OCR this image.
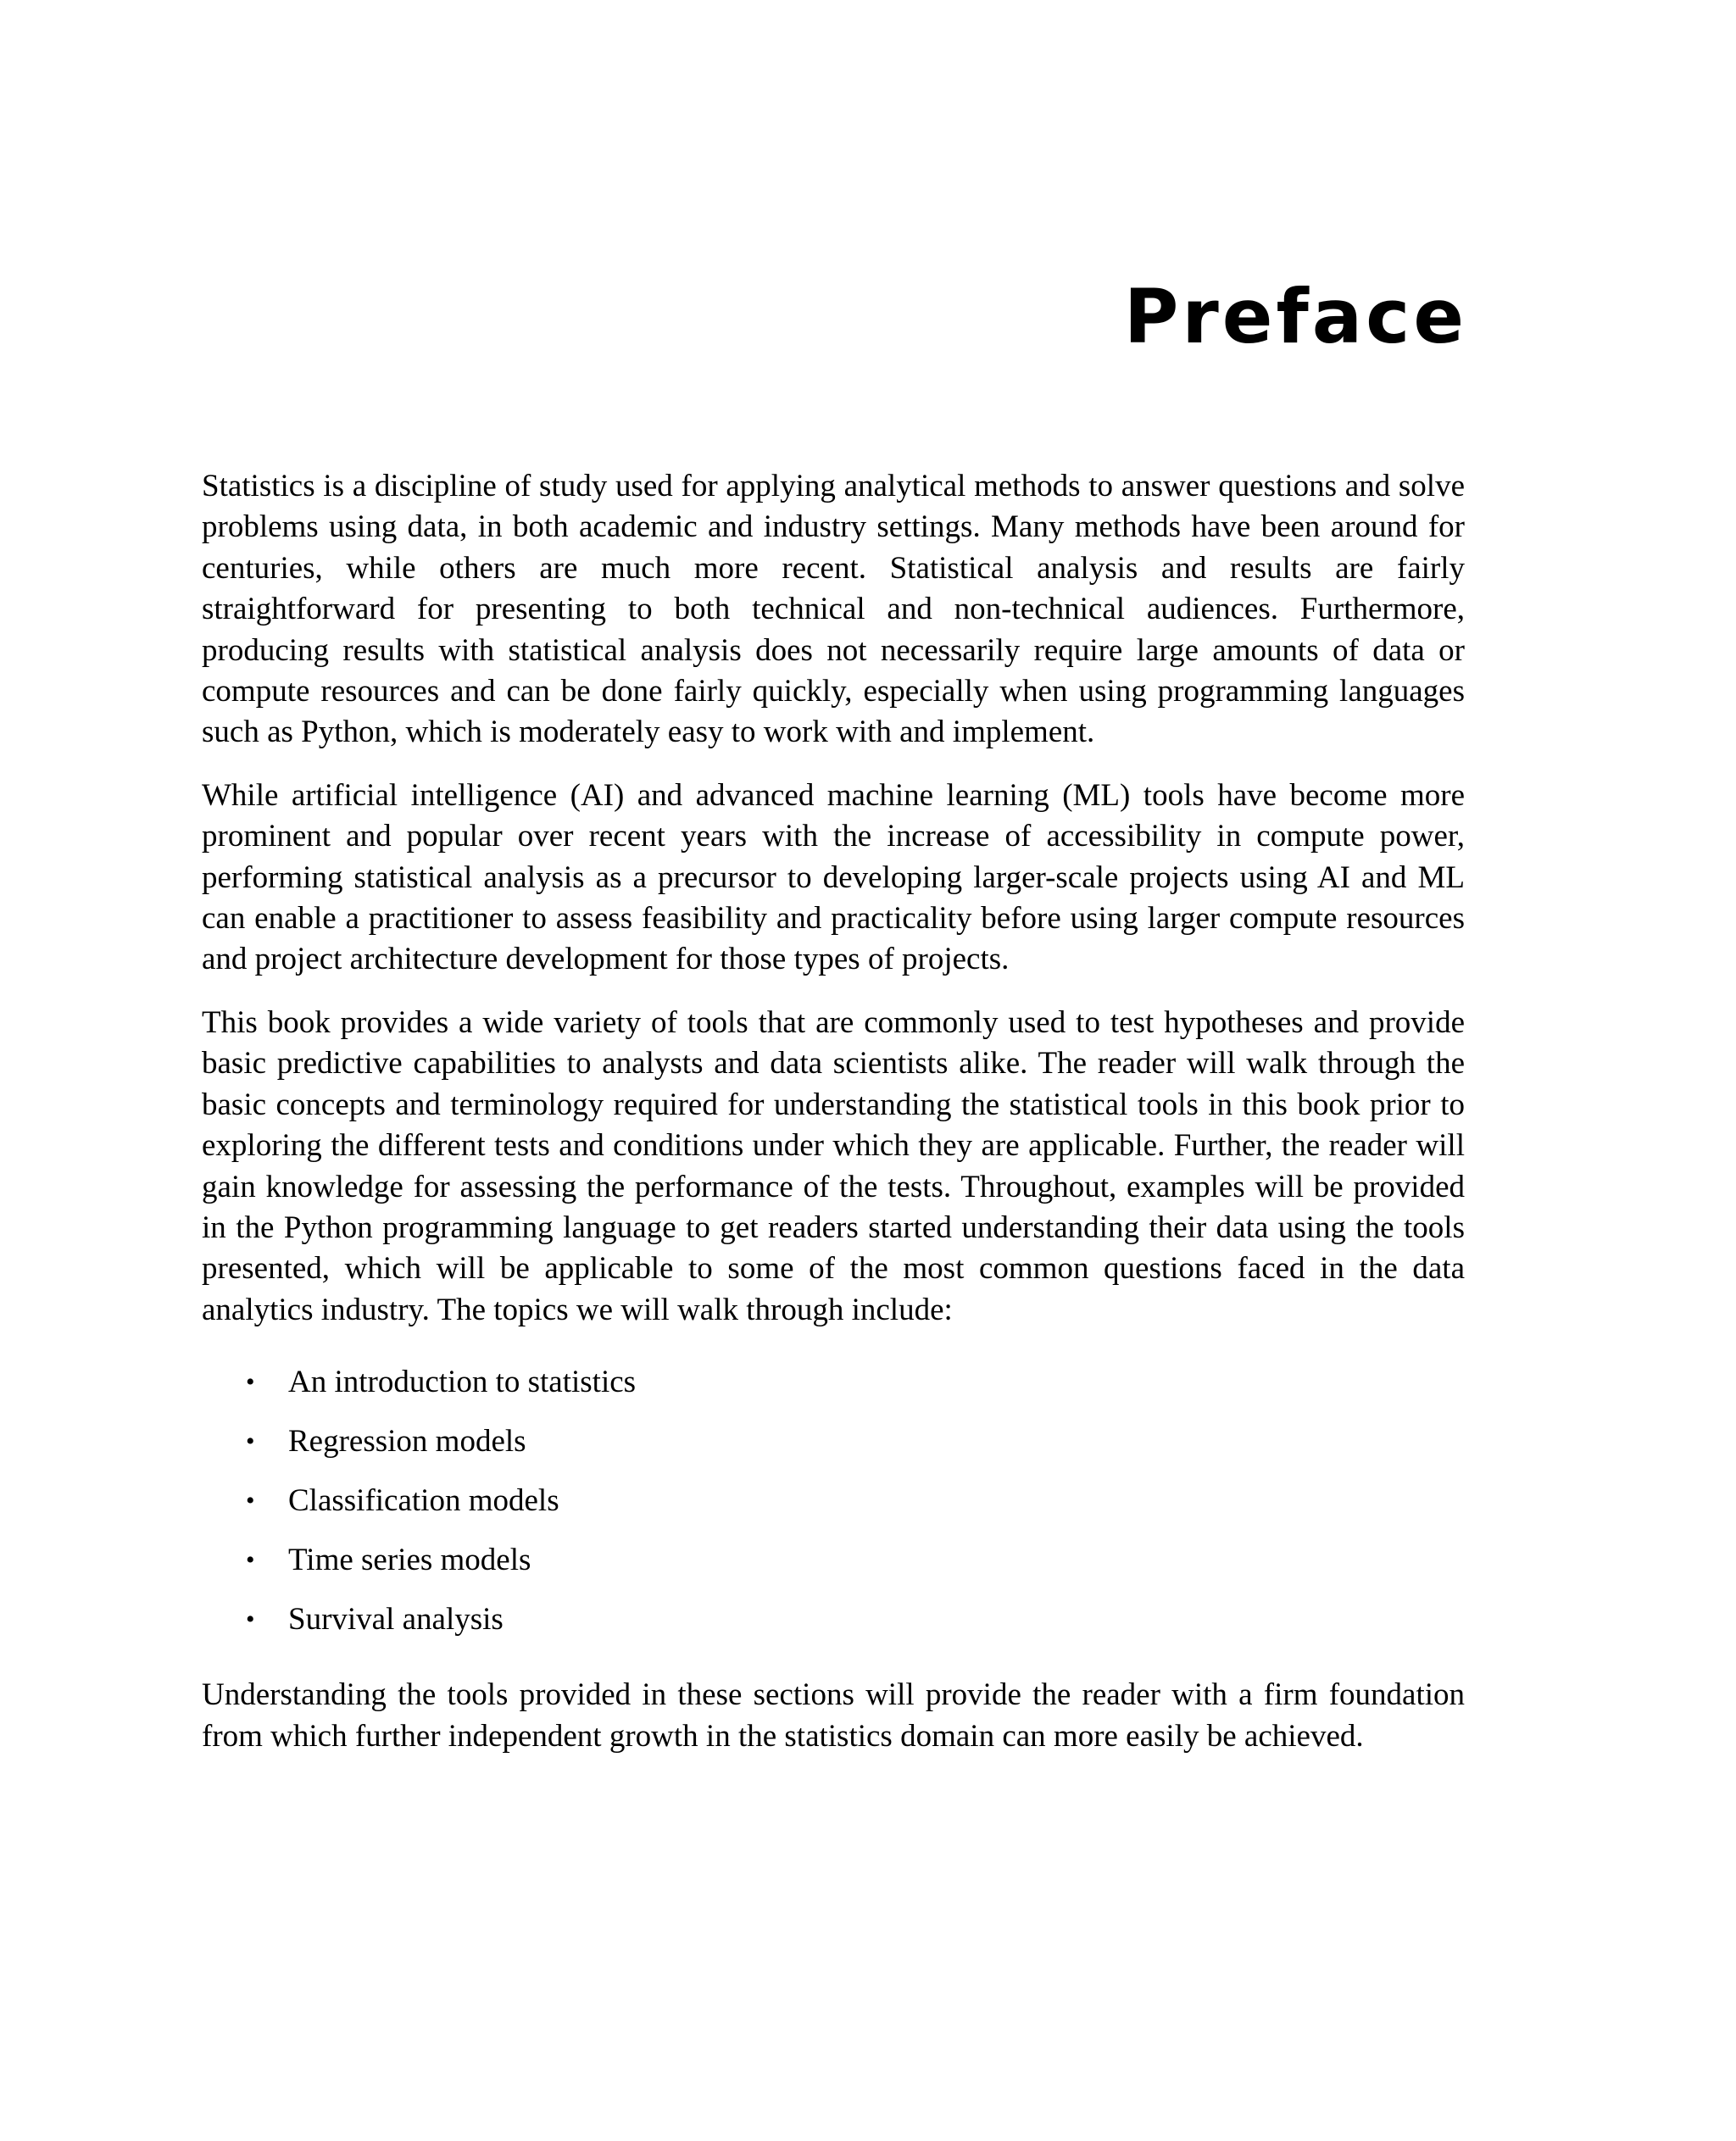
Preface

Statistics is a discipline of study used for applying analytical methods to answer questions and solve problems using data, in both academic and industry settings. Many methods have been around for centuries, while others are much more recent. Statistical analysis and results are fairly straightforward for presenting to both technical and non-technical audiences. Furthermore, producing results with statistical analysis does not necessarily require large amounts of data or compute resources and can be done fairly quickly, especially when using programming languages such as Python, which is moderately easy to work with and implement.

While artificial intelligence (AI) and advanced machine learning (ML) tools have become more prominent and popular over recent years with the increase of accessibility in compute power, performing statistical analysis as a precursor to developing larger-scale projects using AI and ML can enable a practitioner to assess feasibility and practicality before using larger compute resources and project architecture development for those types of projects.

This book provides a wide variety of tools that are commonly used to test hypotheses and provide basic predictive capabilities to analysts and data scientists alike. The reader will walk through the basic concepts and terminology required for understanding the statistical tools in this book prior to exploring the different tests and conditions under which they are applicable. Further, the reader will gain knowledge for assessing the performance of the tests. Throughout, examples will be provided in the Python programming language to get readers started understanding their data using the tools presented, which will be applicable to some of the most common questions faced in the data analytics industry. The topics we will walk through include:

• An introduction to statistics
• Regression models
• Classification models
• Time series models
• Survival analysis

Understanding the tools provided in these sections will provide the reader with a firm foundation from which further independent growth in the statistics domain can more easily be achieved.
